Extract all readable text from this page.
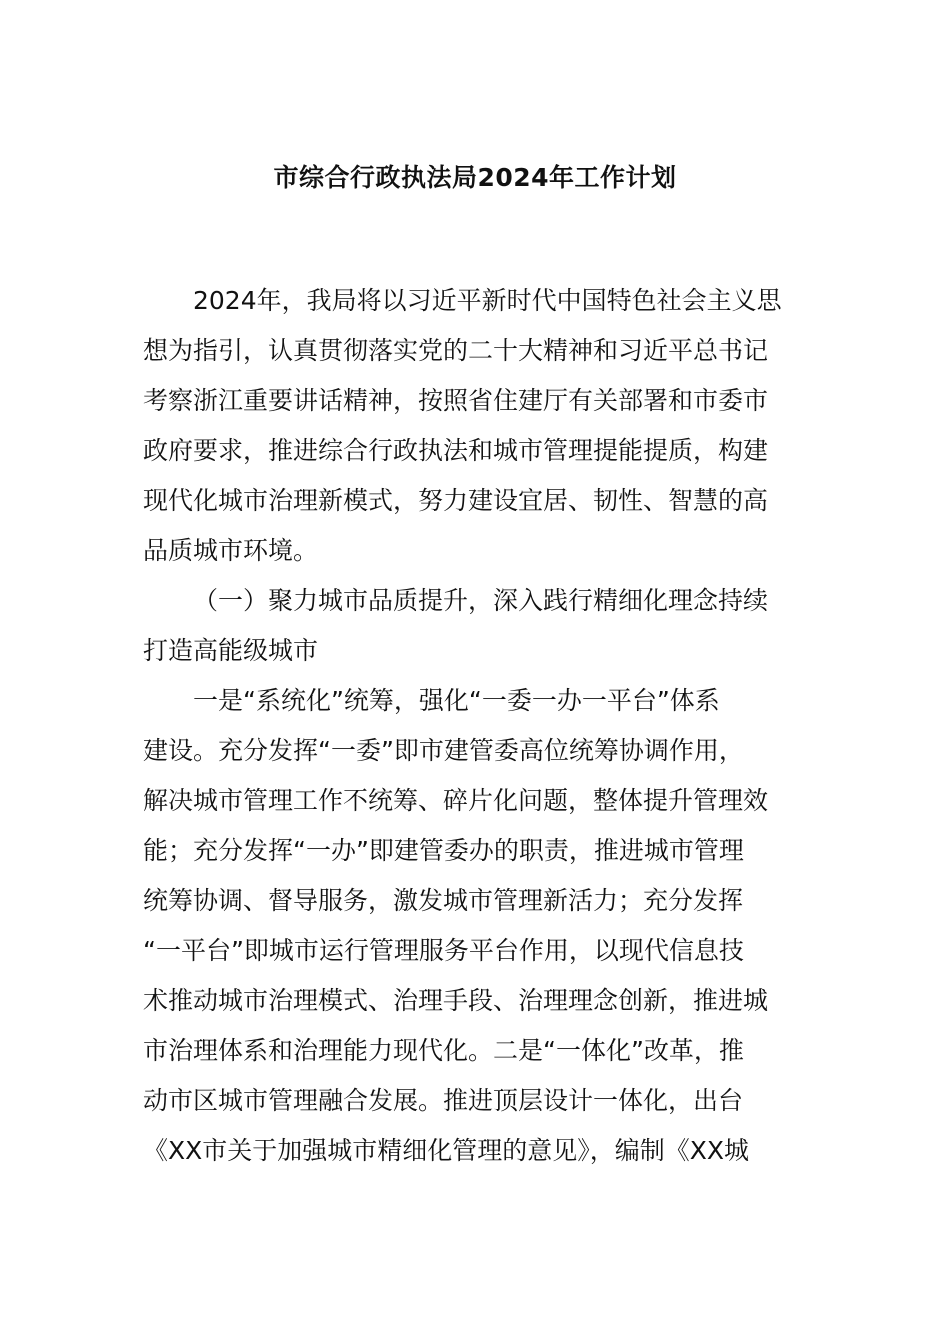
市综合行政执法局2024年工作计划
2024年，我局将以习近平新时代中国特色社会主义思
想为指引，认真贯彻落实党的二十大精神和习近平总书记
考察浙江重要讲话精神，按照省住建厅有关部署和市委市
政府要求，推进综合行政执法和城市管理提能提质，构建
现代化城市治理新模式，努力建设宜居、韧性、智慧的高
品质城市环境。
（一）聚力城市品质提升，深入践行精细化理念持续
打造高能级城市
一是“系统化”统筹，强化“一委一办一平台”体系
建设。充分发挥“一委”即市建管委高位统筹协调作用，
解决城市管理工作不统筹、碎片化问题，整体提升管理效
能；充分发挥“一办”即建管委办的职责，推进城市管理
统筹协调、督导服务，激发城市管理新活力；充分发挥
“一平台”即城市运行管理服务平台作用，以现代信息技
术推动城市治理模式、治理手段、治理理念创新，推进城
市治理体系和治理能力现代化。二是“一体化”改革，推
动市区城市管理融合发展。推进顶层设计一体化，出台
《XX市关于加强城市精细化管理的意见》，编制《XX城
